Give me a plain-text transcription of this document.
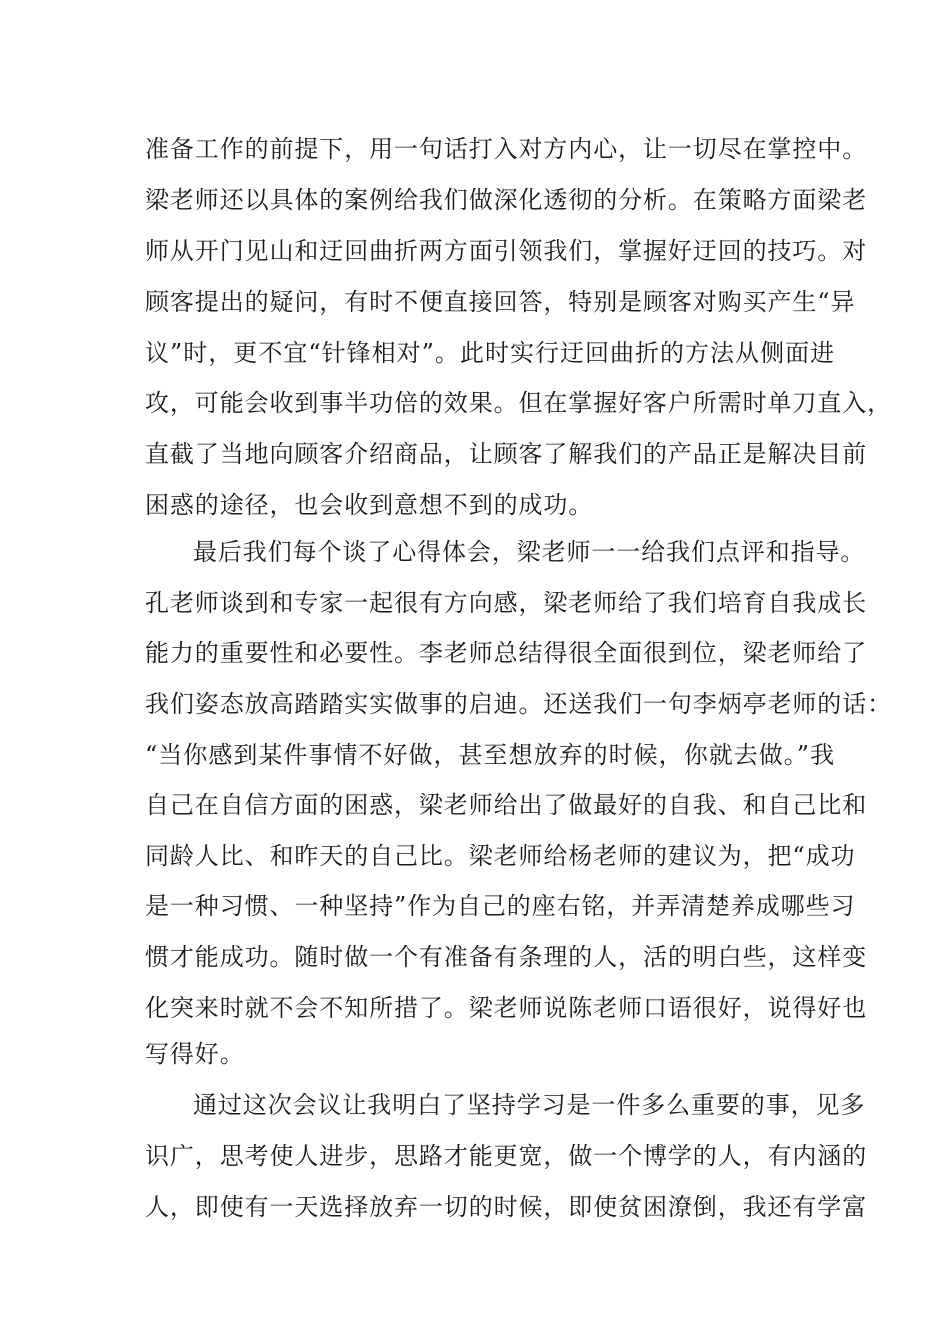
准备工作的前提下，用一句话打入对方内心，让一切尽在掌控中。
梁老师还以具体的案例给我们做深化透彻的分析。在策略方面梁老
师从开门见山和迂回曲折两方面引领我们，掌握好迂回的技巧。对
顾客提出的疑问，有时不便直接回答，特别是顾客对购买产生“异
议”时，更不宜“针锋相对”。此时实行迂回曲折的方法从侧面进
攻，可能会收到事半功倍的效果。但在掌握好客户所需时单刀直入，
直截了当地向顾客介绍商品，让顾客了解我们的产品正是解决目前
困惑的途径，也会收到意想不到的成功。
最后我们每个谈了心得体会，梁老师一一给我们点评和指导。
孔老师谈到和专家一起很有方向感，梁老师给了我们培育自我成长
能力的重要性和必要性。李老师总结得很全面很到位，梁老师给了
我们姿态放高踏踏实实做事的启迪。还送我们一句李炳亭老师的话：
“当你感到某件事情不好做，甚至想放弃的时候，你就去做。”我
自己在自信方面的困惑，梁老师给出了做最好的自我、和自己比和
同龄人比、和昨天的自己比。梁老师给杨老师的建议为，把“成功
是一种习惯、一种坚持”作为自己的座右铭，并弄清楚养成哪些习
惯才能成功。随时做一个有准备有条理的人，活的明白些，这样变
化突来时就不会不知所措了。梁老师说陈老师口语很好，说得好也
写得好。
通过这次会议让我明白了坚持学习是一件多么重要的事，见多
识广，思考使人进步，思路才能更宽，做一个博学的人，有内涵的
人，即使有一天选择放弃一切的时候，即使贫困潦倒，我还有学富
